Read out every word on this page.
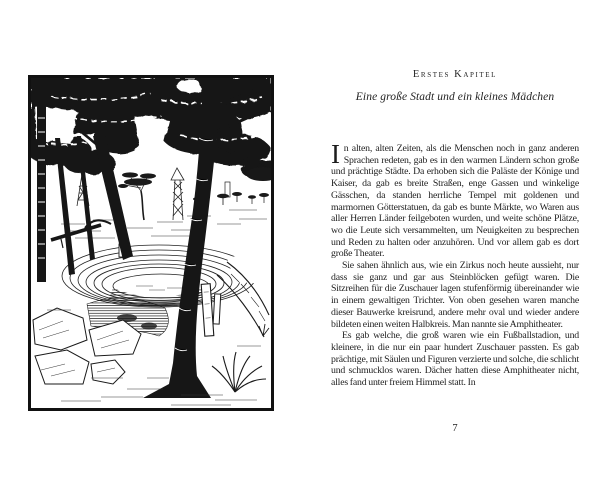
Erstes Kapitel
Eine große Stadt und ein kleines Mädchen

In alten, alten Zeiten, als die Menschen noch in ganz anderen Sprachen redeten, gab es in den warmen Ländern schon große und prächtige Städte. Da erhoben sich die Paläste der Könige und Kaiser, da gab es breite Straßen, enge Gassen und winkelige Gässchen, da standen herrliche Tempel mit goldenen und marmornen Götterstatuen, da gab es bunte Märkte, wo Waren aus aller Herren Länder feilgeboten wurden, und weite schöne Plätze, wo die Leute sich versammelten, um Neuigkeiten zu besprechen und Reden zu halten oder anzuhören. Und vor allem gab es dort große Theater.

Sie sahen ähnlich aus, wie ein Zirkus noch heute aussieht, nur dass sie ganz und gar aus Steinblöcken gefügt waren. Die Sitzreihen für die Zuschauer lagen stufenförmig übereinander wie in einem gewaltigen Trichter. Von oben gesehen waren manche dieser Bauwerke kreisrund, andere mehr oval und wieder andere bildeten einen weiten Halbkreis. Man nannte sie Amphitheater.

Es gab welche, die groß waren wie ein Fußballstadion, und kleinere, in die nur ein paar hundert Zuschauer passten. Es gab prächtige, mit Säulen und Figuren verzierte und solche, die schlicht und schmucklos waren. Dächer hatten diese Amphitheater nicht, alles fand unter freiem Himmel statt. In

7
